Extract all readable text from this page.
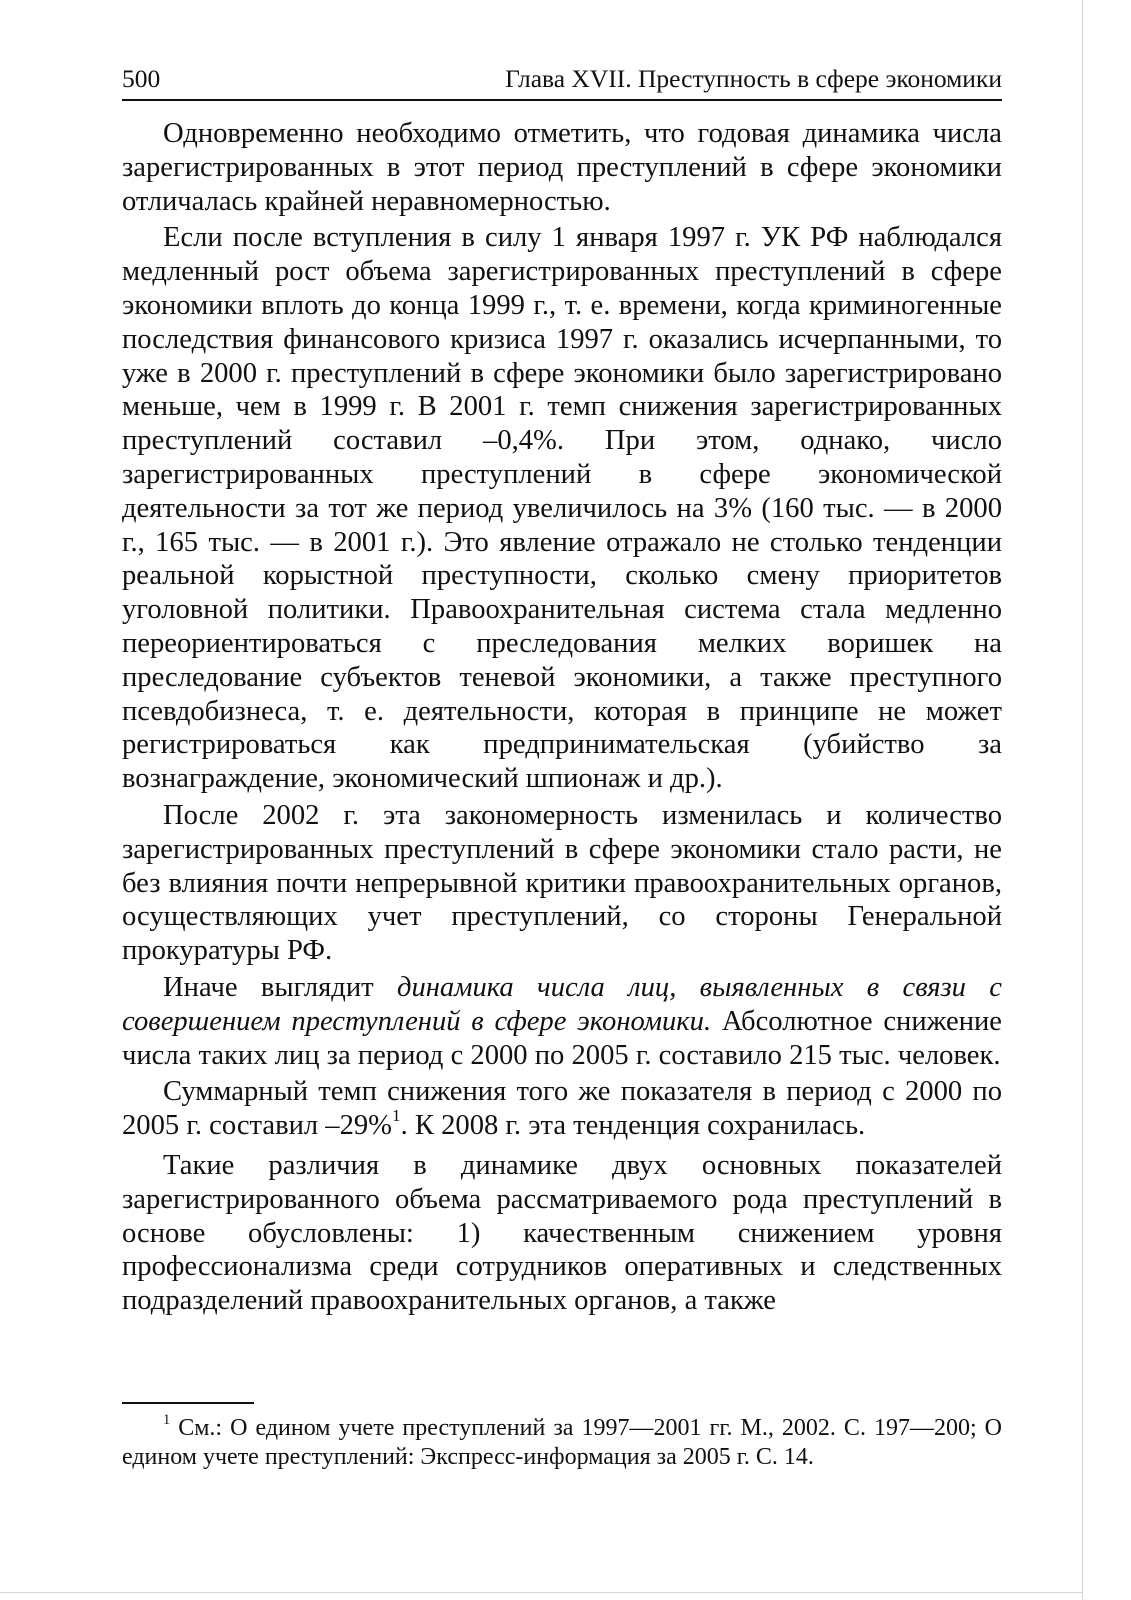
500	Глава XVII. Преступность в сфере экономики

Одновременно необходимо отметить, что годовая динамика числа зарегистрированных в этот период преступлений в сфере экономики отличалась крайней неравномерностью.

Если после вступления в силу 1 января 1997 г. УК РФ наблюдался медленный рост объема зарегистрированных преступлений в сфере экономики вплоть до конца 1999 г., т. е. времени, когда криминогенные последствия финансового кризиса 1997 г. оказались исчерпанными, то уже в 2000 г. преступлений в сфере экономики было зарегистрировано меньше, чем в 1999 г. В 2001 г. темп снижения зарегистрированных преступлений составил –0,4%. При этом, однако, число зарегистрированных преступлений в сфере экономической деятельности за тот же период увеличилось на 3% (160 тыс. — в 2000 г., 165 тыс. — в 2001 г.). Это явление отражало не столько тенденции реальной корыстной преступности, сколько смену приоритетов уголовной политики. Правоохранительная система стала медленно переориентироваться с преследования мелких воришек на преследование субъектов теневой экономики, а также преступного псевдобизнеса, т. е. деятельности, которая в принципе не может регистрироваться как предпринимательская (убийство за вознаграждение, экономический шпионаж и др.).

После 2002 г. эта закономерность изменилась и количество зарегистрированных преступлений в сфере экономики стало расти, не без влияния почти непрерывной критики правоохранительных органов, осуществляющих учет преступлений, со стороны Генеральной прокуратуры РФ.

Иначе выглядит динамика числа лиц, выявленных в связи с совершением преступлений в сфере экономики. Абсолютное снижение числа таких лиц за период с 2000 по 2005 г. составило 215 тыс. человек.

Суммарный темп снижения того же показателя в период с 2000 по 2005 г. составил –29%$^1$. К 2008 г. эта тенденция сохранилась.

Такие различия в динамике двух основных показателей зарегистрированного объема рассматриваемого рода преступлений в основе обусловлены: 1) качественным снижением уровня профессионализма среди сотрудников оперативных и следственных подразделений правоохранительных органов, а также

$^1$ См.: О едином учете преступлений за 1997—2001 гг. М., 2002. С. 197—200; О едином учете преступлений: Экспресс-информация за 2005 г. С. 14.
